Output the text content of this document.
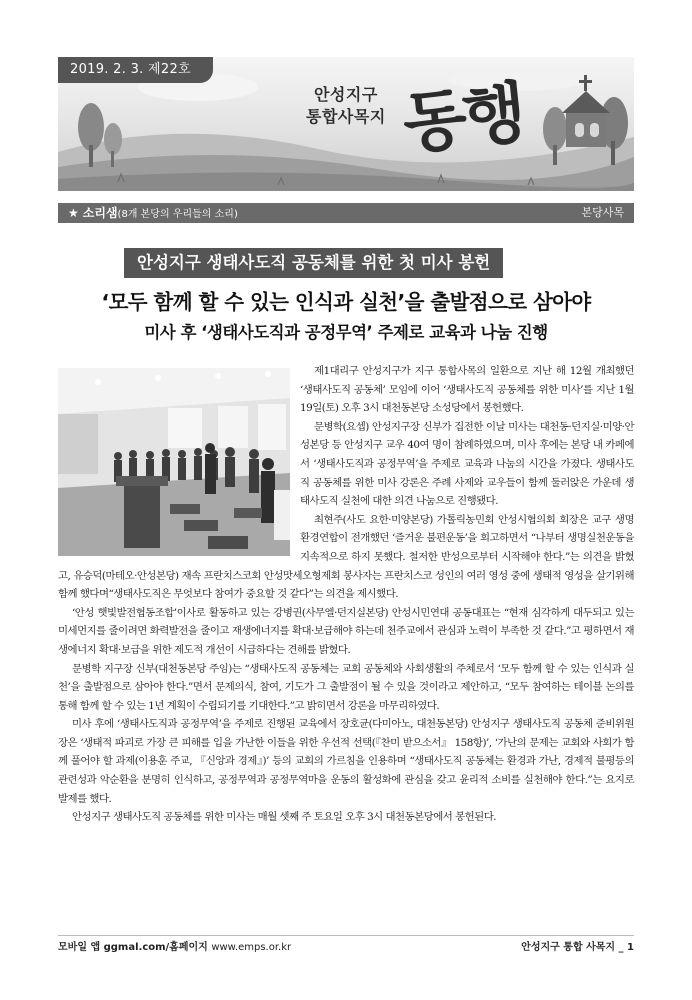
2019. 2. 3. 제22호
안성지구
통합사목지 동행
★ 소리샘(8개 본당의 우리들의 소리)	본당사목
안성지구 생태사도직 공동체를 위한 첫 미사 봉헌
‘모두 함께 할 수 있는 인식과 실천’을 출발점으로 삼아야
미사 후 ‘생태사도직과 공정무역’ 주제로 교육과 나눔 진행

제1대리구 안성지구가 지구 통합사목의 일환으로 지난 해 12월 개최했던 ‘생태사도직 공동체’ 모임에 이어 ‘생태사도직 공동체를 위한 미사’를 지난 1월 19일(토) 오후 3시 대천동본당 소성당에서 봉헌했다.

문병학(요셉) 안성지구장 신부가 집전한 이날 미사는 대천동·던지실·미양·안성본당 등 안성지구 교우 40여 명이 참례하였으며, 미사 후에는 본당 내 카페에서 ‘생태사도직과 공정무역’을 주제로 교육과 나눔의 시간을 가졌다. 생태사도직 공동체를 위한 미사 강론은 주례 사제와 교우들이 함께 둘러앉은 가운데 생태사도직 실천에 대한 의견 나눔으로 진행됐다.

최현주(사도 요한·미양본당) 가톨릭농민회 안성시협의회 회장은 교구 생명환경연합이 전개했던 ‘즐거운 불편운동’을 회고하면서 “나부터 생명실천운동을 지속적으로 하지 못했다. 철저한 반성으로부터 시작해야 한다.”는 의견을 밝혔고, 유승덕(마테오·안성본당) 재속 프란치스코회 안성맛세오형제회 봉사자는 프란치스코 성인의 여러 영성 중에 생태적 영성을 살기위해 함께 했다며“생태사도직은 무엇보다 참여가 중요할 것 같다”는 의견을 제시했다.

‘안성 햇빛발전협동조합’이사로 활동하고 있는 강병권(사무엘·던지실본당) 안성시민연대 공동대표는 “현재 심각하게 대두되고 있는 미세먼지를 줄이려면 화력발전을 줄이고 재생에너지를 확대·보급해야 하는데 천주교에서 관심과 노력이 부족한 것 같다.”고 평하면서 재생에너지 확대·보급을 위한 제도적 개선이 시급하다는 견해를 밝혔다.

문병학 지구장 신부(대천동본당 주임)는 “생태사도직 공동체는 교회 공동체와 사회생활의 주체로서 ‘모두 함께 할 수 있는 인식과 실천’을 출발점으로 삼아야 한다.”면서 문제의식, 참여, 기도가 그 출발점이 될 수 있을 것이라고 제안하고, “모두 참여하는 테이블 논의를 통해 함께 할 수 있는 1년 계획이 수립되기를 기대한다.”고 밝히면서 강론을 마무리하였다.

미사 후에 ‘생태사도직과 공정무역’을 주제로 진행된 교육에서 장호균(다미아노, 대천동본당) 안성지구 생태사도직 공동체 준비위원장은 ‘생태적 파괴로 가장 큰 피해를 입을 가난한 이들을 위한 우선적 선택(『찬미 받으소서』 158항)’, ‘가난의 문제는 교회와 사회가 함께 풀어야 할 과제(이용훈 주교, 『신앙과 경제』)’ 등의 교회의 가르침을 인용하며 “생태사도직 공동체는 환경과 가난, 경제적 불평등의 관련성과 악순환을 분명히 인식하고, 공정무역과 공정무역마을 운동의 활성화에 관심을 갖고 윤리적 소비를 실천해야 한다.”는 요지로 발제를 했다.

안성지구 생태사도직 공동체를 위한 미사는 매월 셋째 주 토요일 오후 3시 대천동본당에서 봉헌된다.

모바일 앱 ggmal.com/홈페이지 www.emps.or.kr	안성지구 통합 사목지 _ 1
